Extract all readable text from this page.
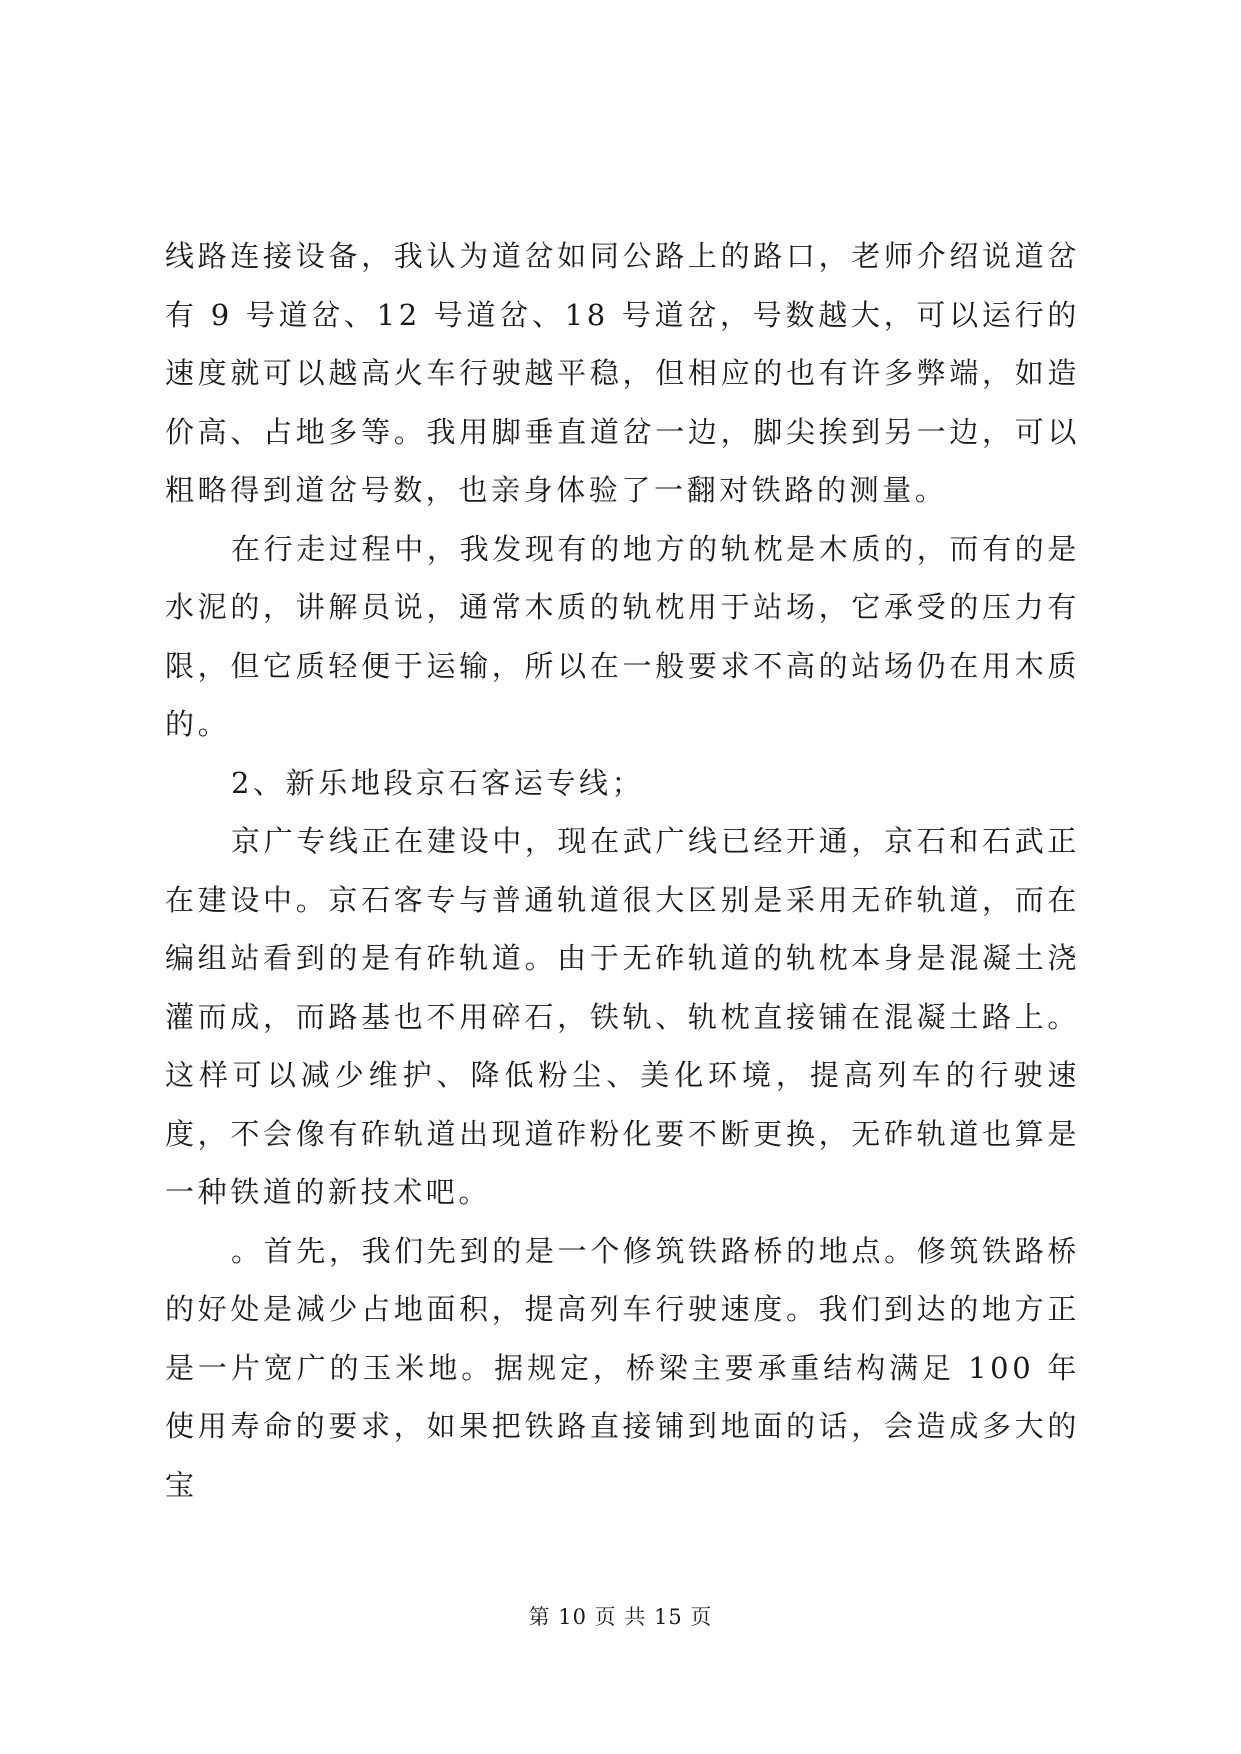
线路连接设备，我认为道岔如同公路上的路口，老师介绍说道岔有 9 号道岔、12 号道岔、18 号道岔，号数越大，可以运行的速度就可以越高火车行驶越平稳，但相应的也有许多弊端，如造价高、占地多等。我用脚垂直道岔一边，脚尖挨到另一边，可以粗略得到道岔号数，也亲身体验了一翻对铁路的测量。

在行走过程中，我发现有的地方的轨枕是木质的，而有的是水泥的，讲解员说，通常木质的轨枕用于站场，它承受的压力有限，但它质轻便于运输，所以在一般要求不高的站场仍在用木质的。

2、新乐地段京石客运专线；

京广专线正在建设中，现在武广线已经开通，京石和石武正在建设中。京石客专与普通轨道很大区别是采用无砟轨道，而在编组站看到的是有砟轨道。由于无砟轨道的轨枕本身是混凝土浇灌而成，而路基也不用碎石，铁轨、轨枕直接铺在混凝土路上。这样可以减少维护、降低粉尘、美化环境，提高列车的行驶速度，不会像有砟轨道出现道砟粉化要不断更换，无砟轨道也算是一种铁道的新技术吧。

。首先，我们先到的是一个修筑铁路桥的地点。修筑铁路桥的好处是减少占地面积，提高列车行驶速度。我们到达的地方正是一片宽广的玉米地。据规定，桥梁主要承重结构满足 100 年使用寿命的要求，如果把铁路直接铺到地面的话，会造成多大的宝

第 10 页 共 15 页
